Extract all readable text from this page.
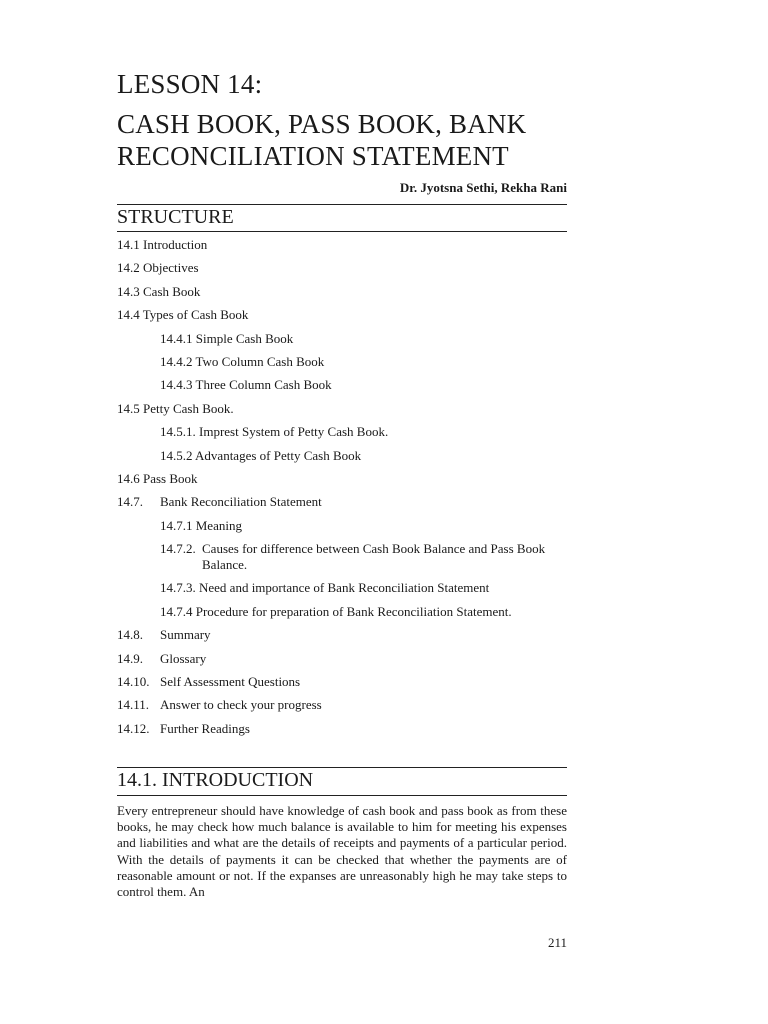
LESSON 14:
CASH BOOK, PASS BOOK, BANK
RECONCILIATION STATEMENT
Dr. Jyotsna Sethi, Rekha Rani
STRUCTURE
14.1 Introduction
14.2 Objectives
14.3 Cash Book
14.4 Types of Cash Book
14.4.1 Simple Cash Book
14.4.2 Two Column Cash Book
14.4.3 Three Column Cash Book
14.5 Petty Cash Book.
14.5.1. Imprest System of Petty Cash Book.
14.5.2 Advantages of Petty Cash Book
14.6 Pass Book
14.7. Bank Reconciliation Statement
14.7.1 Meaning
14.7.2. Causes for difference between Cash Book Balance and Pass Book Balance.
14.7.3. Need and importance of Bank Reconciliation Statement
14.7.4 Procedure for preparation of Bank Reconciliation Statement.
14.8. Summary
14.9. Glossary
14.10. Self Assessment Questions
14.11. Answer to check your progress
14.12. Further Readings
14.1. INTRODUCTION

Every entrepreneur should have knowledge of cash book and pass book as from these books, he may check how much balance is available to him for meeting his expenses and liabilities and what are the details of receipts and payments of a particular period. With the details of payments it can be checked that whether the payments are of reasonable amount or not. If the expanses are unreasonably high he may take steps to control them. An

211
